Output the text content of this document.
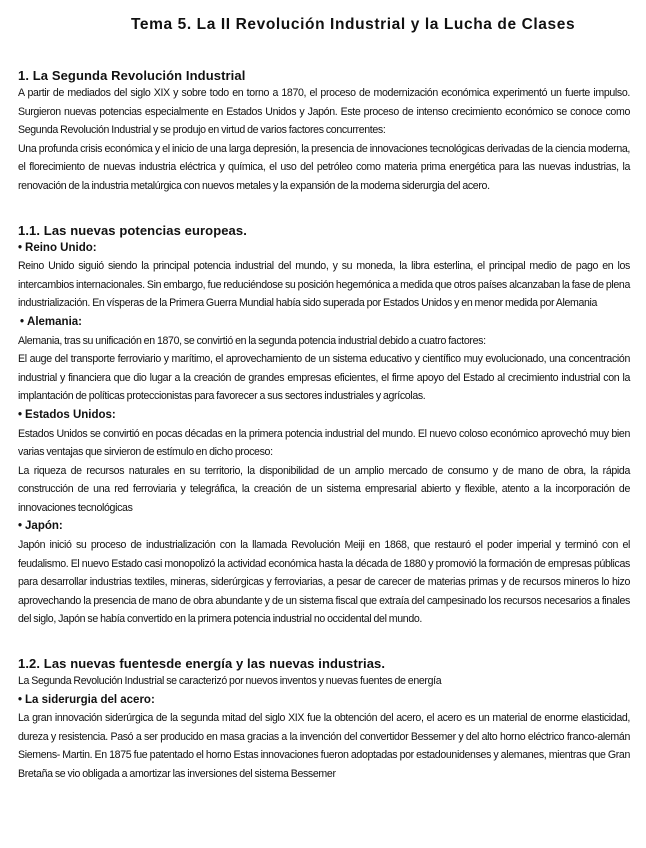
Tema 5. La II Revolución Industrial y la Lucha de Clases
1. La Segunda Revolución Industrial

A partir de mediados del siglo XIX y sobre todo en torno a 1870, el proceso de modernización económica experimentó un fuerte impulso. Surgieron nuevas potencias especialmente en Estados Unidos y Japón. Este proceso de intenso crecimiento económico se conoce como Segunda Revolución Industrial y se produjo en virtud de varios factores concurrentes:

Una profunda crisis económica y el inicio de una larga depresión, la presencia de innovaciones tecnológicas derivadas de la ciencia moderna, el florecimiento de nuevas industria eléctrica y química, el uso del petróleo como materia prima energética para las nuevas industrias, la renovación de la industria metalúrgica con nuevos metales y la expansión de la moderna siderurgia del acero.

1.1. Las nuevas potencias europeas.

• Reino Unido:

Reino Unido siguió siendo la principal potencia industrial del mundo, y su moneda, la libra esterlina, el principal medio de pago en los intercambios internacionales. Sin embargo, fue reduciéndose su posición hegemónica a medida que otros países alcanzaban la fase de plena industrialización. En vísperas de la Primera Guerra Mundial había sido superada por Estados Unidos y en menor medida por Alemania

• Alemania:

Alemania, tras su unificación en 1870, se convirtió en la segunda potencia industrial debido a cuatro factores:

El auge del transporte ferroviario y marítimo, el aprovechamiento de un sistema educativo y científico muy evolucionado, una concentración industrial y financiera que dio lugar a la creación de grandes empresas eficientes, el firme apoyo del Estado al crecimiento industrial con la implantación de políticas proteccionistas para favorecer a sus sectores industriales y agrícolas.

• Estados Unidos:

Estados Unidos se convirtió en pocas décadas en la primera potencia industrial del mundo. El nuevo coloso económico aprovechó muy bien varias ventajas que sirvieron de estímulo en dicho proceso:

La riqueza de recursos naturales en su territorio, la disponibilidad de un amplio mercado de consumo y de mano de obra, la rápida construcción de una red ferroviaria y telegráfica, la creación de un sistema empresarial abierto y flexible, atento a la incorporación de innovaciones tecnológicas

• Japón:

Japón inició su proceso de industrialización con la llamada Revolución Meiji en 1868, que restauró el poder imperial y terminó con el feudalismo. El nuevo Estado casi monopolizó la actividad económica hasta la década de 1880 y promovió la formación de empresas públicas para desarrollar industrias textiles, mineras, siderúrgicas y ferroviarias, a pesar de carecer de materias primas y de recursos mineros lo hizo aprovechando la presencia de mano de obra abundante y de un sistema fiscal que extraía del campesinado los recursos necesarios a finales del siglo, Japón se había convertido en la primera potencia industrial no occidental del mundo.

1.2. Las nuevas fuentesde energía y las nuevas industrias.

La Segunda Revolución Industrial se caracterizó por nuevos inventos y nuevas fuentes de energía

• La siderurgia del acero:

La gran innovación siderúrgica de la segunda mitad del siglo XIX fue la obtención del acero, el acero es un material de enorme elasticidad, dureza y resistencia. Pasó a ser producido en masa gracias a la invención del convertidor Bessemer y del alto horno eléctrico franco-alemán Siemens- Martin. En 1875 fue patentado el horno Estas innovaciones fueron adoptadas por estadounidenses y alemanes, mientras que Gran Bretaña se vio obligada a amortizar las inversiones del sistema Bessemer
